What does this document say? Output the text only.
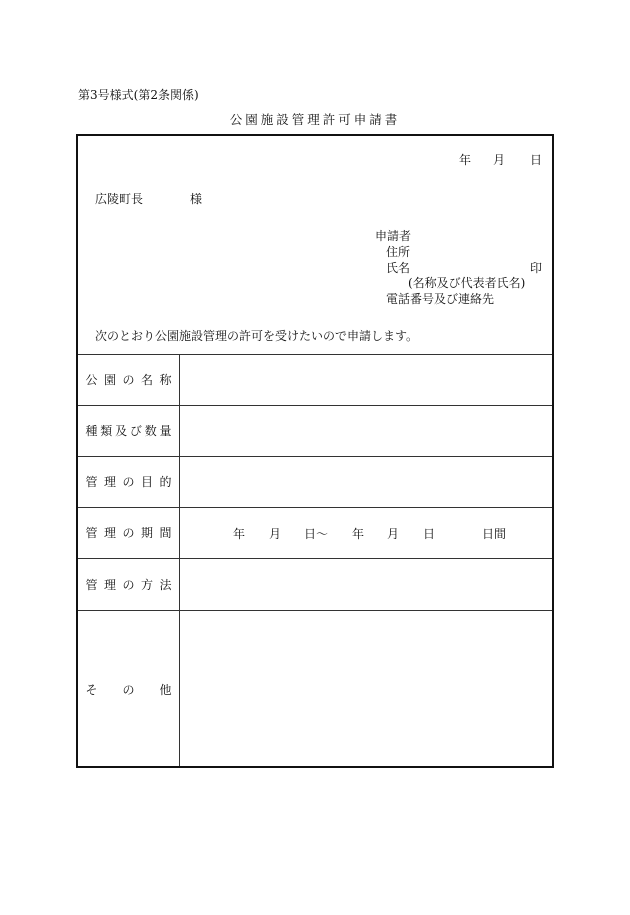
第3号様式(第2条関係)
公園施設管理許可申請書
年 月 日
広陵町長	様
申請者
住所
氏名	印
(名称及び代表者氏名)
電話番号及び連絡先
次のとおり公園施設管理の許可を受けたいので申請します。
公 園 の 名 称
種 類 及 び 数 量
管 理 の 目 的
管 理 の 期 間	年 月 日〜 年 月 日	日間
管 理 の 方 法
そ の 他
